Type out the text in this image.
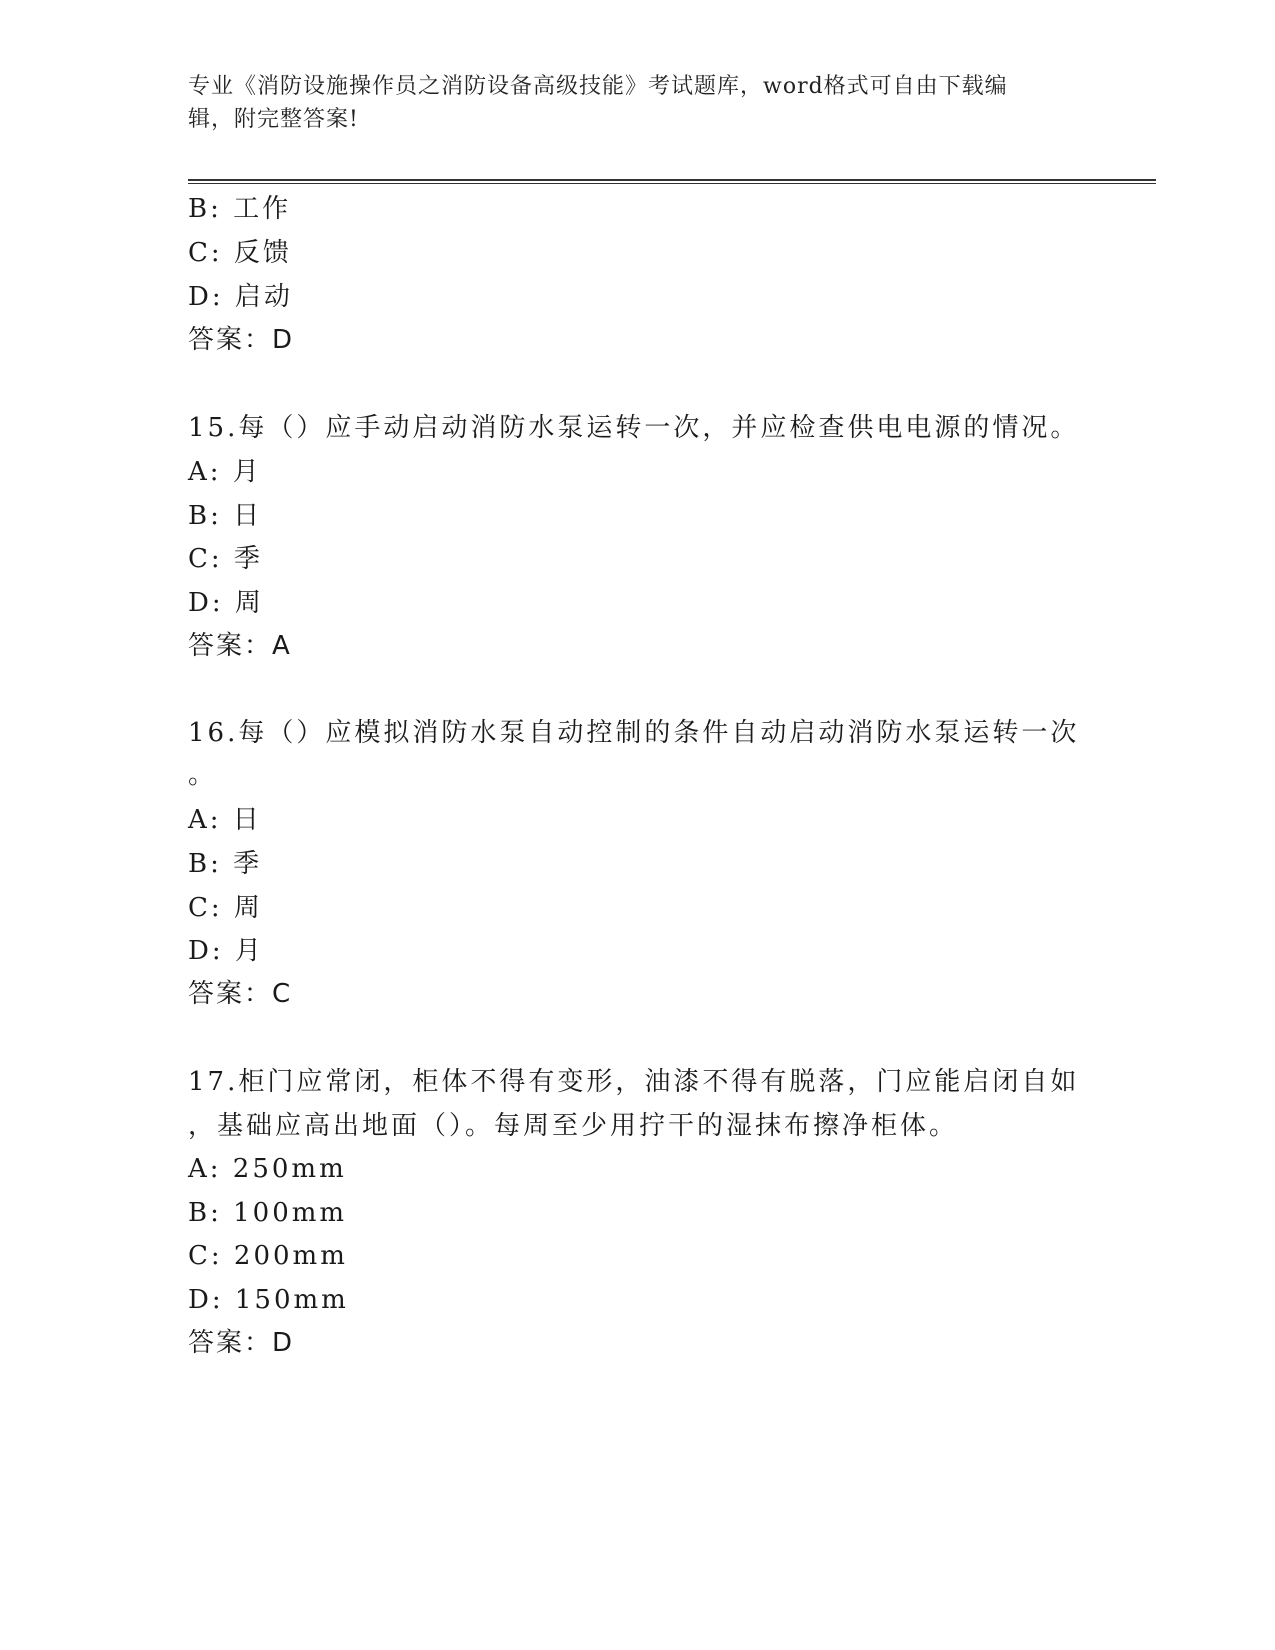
专业《消防设施操作员之消防设备高级技能》考试题库，word格式可自由下载编
辑，附完整答案!
B: 工作
C: 反馈
D: 启动
答案：D
15.每（）应手动启动消防水泵运转一次，并应检查供电电源的情况。
A: 月
B: 日
C: 季
D: 周
答案：A
16.每（）应模拟消防水泵自动控制的条件自动启动消防水泵运转一次
。
A: 日
B: 季
C: 周
D: 月
答案：C
17.柜门应常闭，柜体不得有变形，油漆不得有脱落，门应能启闭自如
，基础应高出地面（）。每周至少用拧干的湿抹布擦净柜体。
A: 250mm
B: 100mm
C: 200mm
D: 150mm
答案：D
